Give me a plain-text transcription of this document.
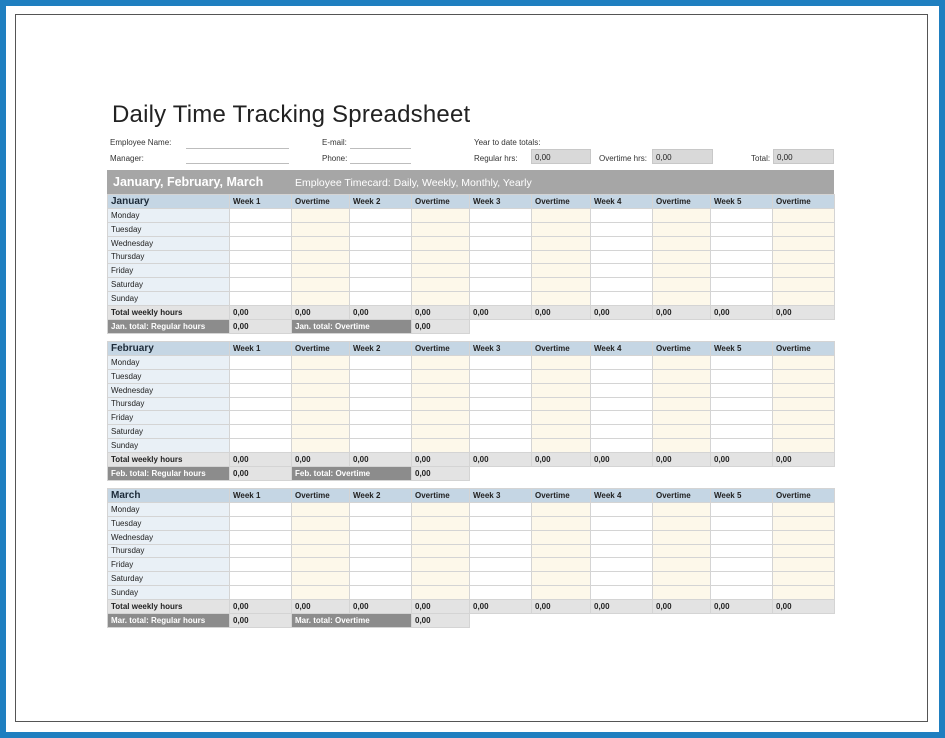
Daily Time Tracking Spreadsheet
Employee Name:
Manager:
E-mail:
Phone:
Year to date totals:
Regular hrs:	0,00	Overtime hrs:	0,00	Total: 0,00
January, February, March	Employee Timecard: Daily, Weekly, Monthly, Yearly
January	Week 1	Overtime	Week 2	Overtime	Week 3	Overtime	Week 4	Overtime	Week 5	Overtime
Monday										
Tuesday										
Wednesday										
Thursday										
Friday										
Saturday										
Sunday										
Total weekly hours	0,00	0,00	0,00	0,00	0,00	0,00	0,00	0,00	0,00	0,00
Jan. total: Regular hours	0,00	Jan. total: Overtime		0,00						
February	Week 1	Overtime	Week 2	Overtime	Week 3	Overtime	Week 4	Overtime	Week 5	Overtime
Monday										
Tuesday										
Wednesday										
Thursday										
Friday										
Saturday										
Sunday										
Total weekly hours	0,00	0,00	0,00	0,00	0,00	0,00	0,00	0,00	0,00	0,00
Feb. total: Regular hours	0,00	Feb. total: Overtime		0,00						
March	Week 1	Overtime	Week 2	Overtime	Week 3	Overtime	Week 4	Overtime	Week 5	Overtime
Monday										
Tuesday										
Wednesday										
Thursday										
Friday										
Saturday										
Sunday										
Total weekly hours	0,00	0,00	0,00	0,00	0,00	0,00	0,00	0,00	0,00	0,00
Mar. total: Regular hours	0,00	Mar. total: Overtime		0,00						
